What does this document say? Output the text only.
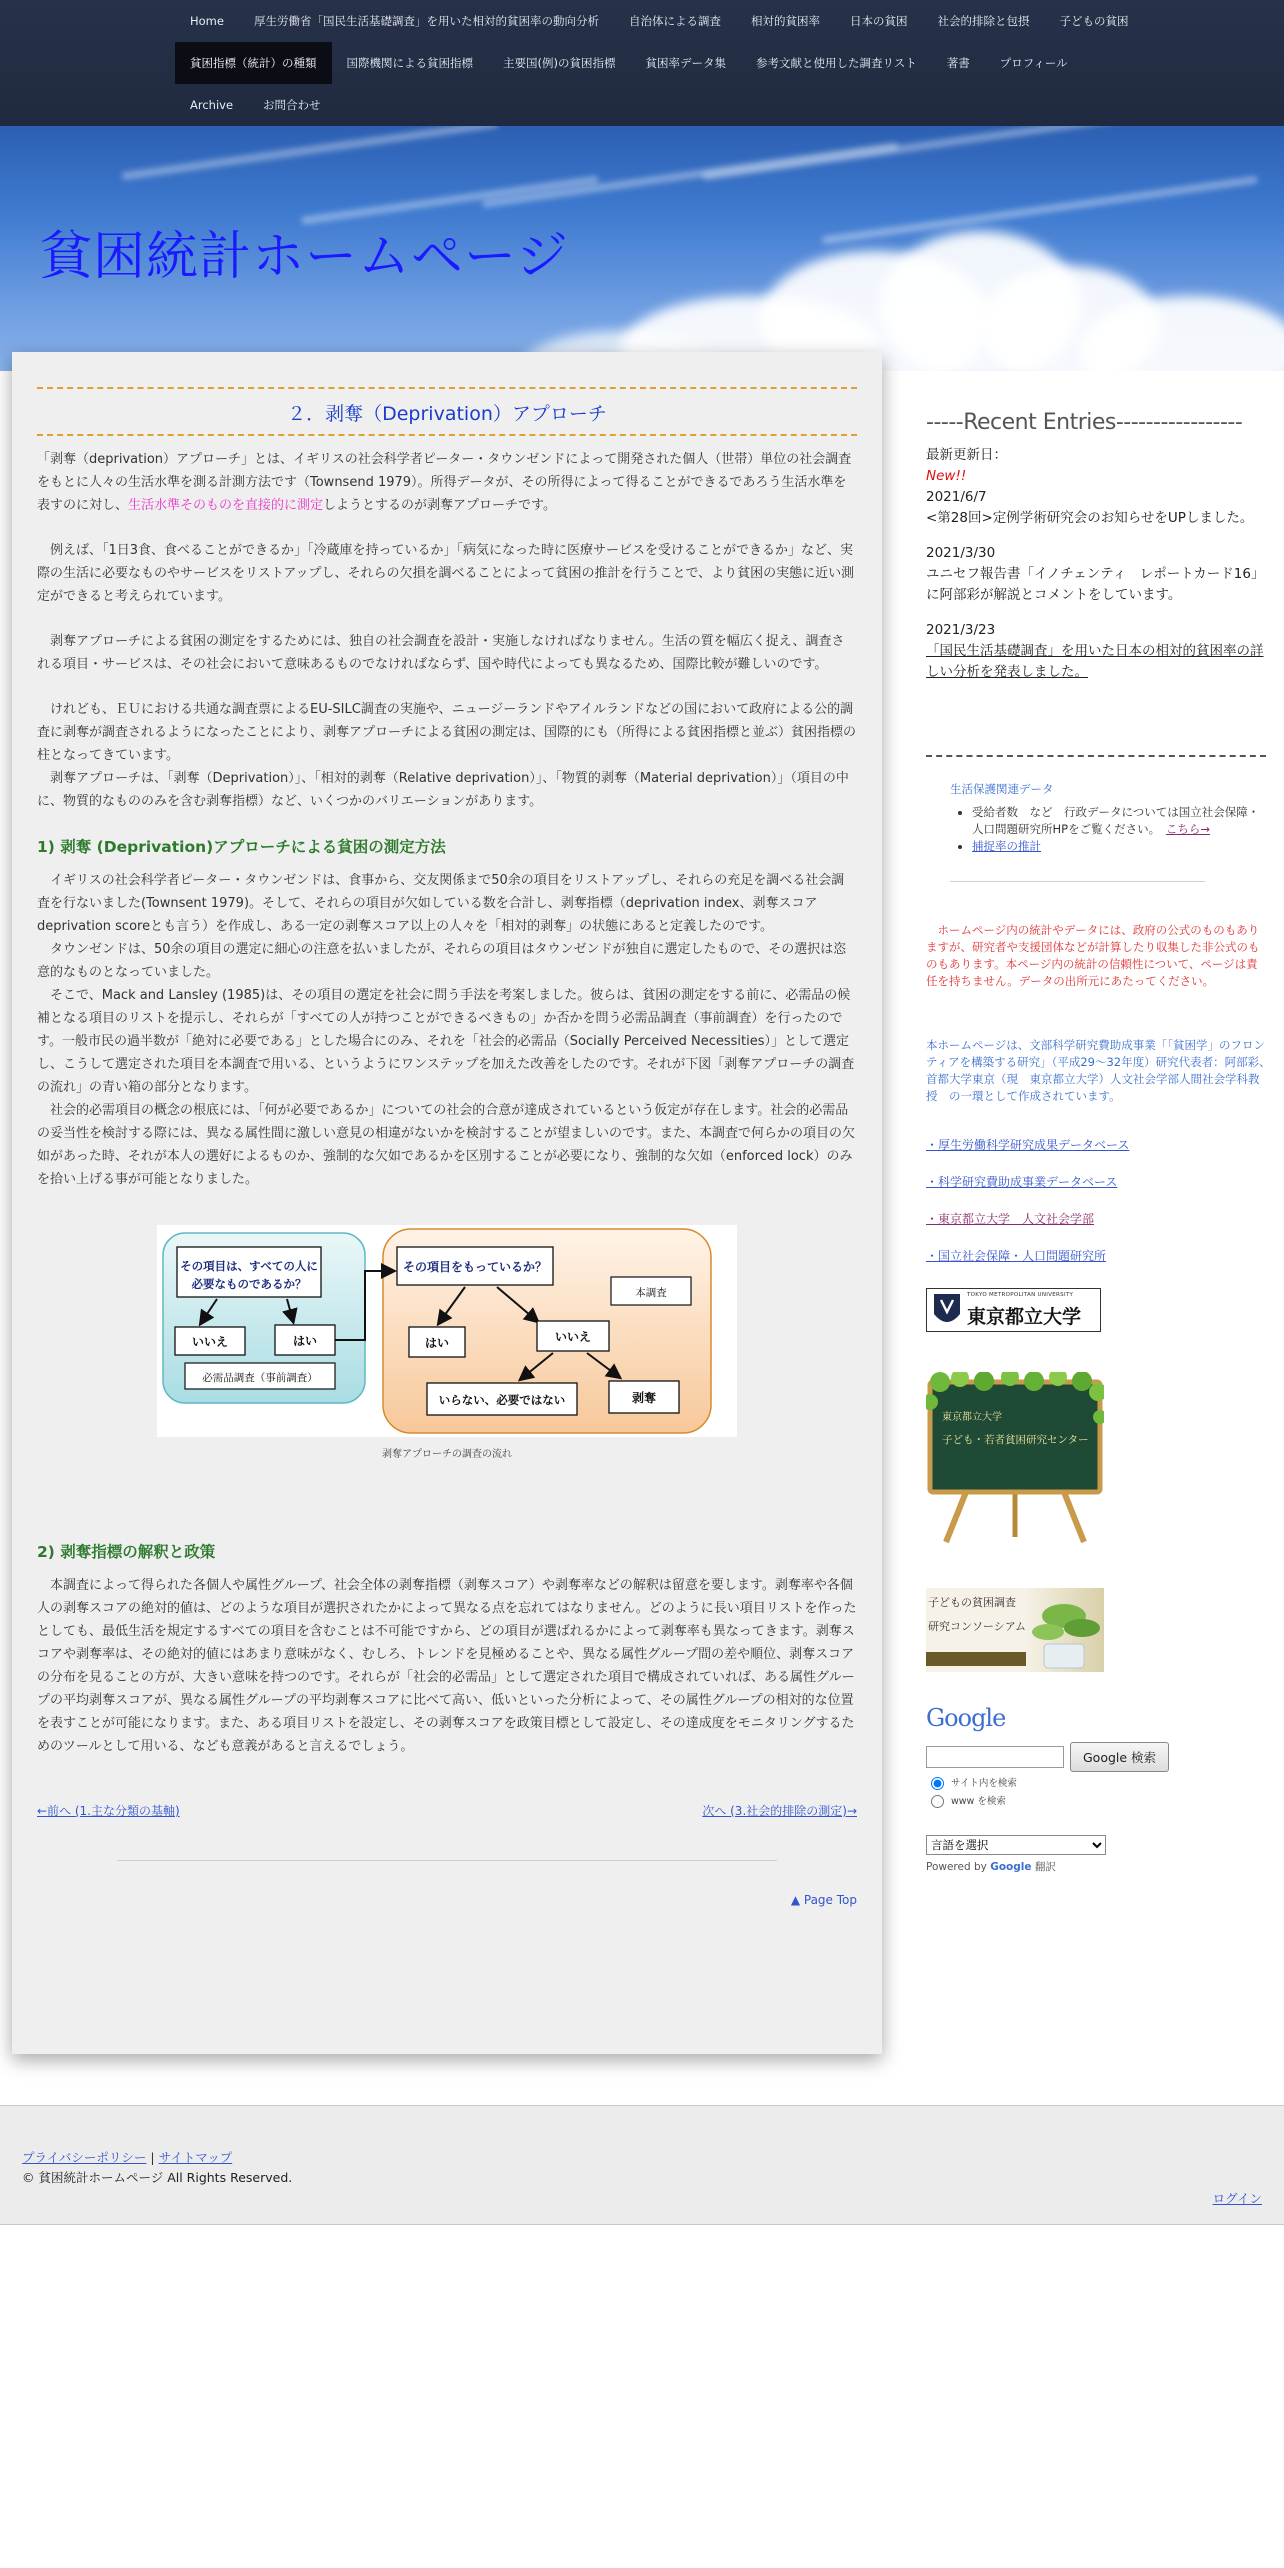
Home	厚生労働省「国民生活基礎調査」を用いた相対的貧困率の動向分析	自治体による調査	相対的貧困率	日本の貧困	社会的排除と包摂	子どもの貧困
貧困指標（統計）の種類	国際機関による貧困指標	主要国(例)の貧困指標	貧困率データ集	参考文献と使用した調査リスト	著書	プロフィール
Archive	お問合わせ
貧困統計ホームページ
２．剥奪（Deprivation）アプローチ

「剥奪（deprivation）アプローチ」とは、イギリスの社会科学者ピーター・タウンゼンドによって開発された個人（世帯）単位の社会調査をもとに人々の生活水準を測る計測方法です（Townsend 1979）。所得データが、その所得によって得ることができるであろう生活水準を表すのに対し、生活水準そのものを直接的に測定しようとするのが剥奪アプローチです。

　例えば、「1日3食、食べることができるか」「冷蔵庫を持っているか」「病気になった時に医療サービスを受けることができるか」など、実際の生活に必要なものやサービスをリストアップし、それらの欠損を調べることによって貧困の推計を行うことで、より貧困の実態に近い測定ができると考えられています。

　剥奪アプローチによる貧困の測定をするためには、独自の社会調査を設計・実施しなければなりません。生活の質を幅広く捉え、調査される項目・サービスは、その社会において意味あるものでなければならず、国や時代によっても異なるため、国際比較が難しいのです。

　けれども、ＥＵにおける共通な調査票によるEU-SILC調査の実施や、ニュージーランドやアイルランドなどの国において政府による公的調査に剥奪が調査されるようになったことにより、剥奪アプローチによる貧困の測定は、国際的にも（所得による貧困指標と並ぶ）貧困指標の柱となってきています。

　剥奪アプローチは、「剥奪（Deprivation）」、「相対的剥奪（Relative deprivation）」、「物質的剥奪（Material deprivation）」（項目の中に、物質的なもののみを含む剥奪指標）など、いくつかのバリエーションがあります。

1) 剥奪 (Deprivation)アプローチによる貧困の測定方法

　イギリスの社会科学者ピーター・タウンゼンドは、食事から、交友関係まで50余の項目をリストアップし、それらの充足を調べる社会調査を行ないました(Townsent 1979)。そして、それらの項目が欠如している数を合計し、剥奪指標（deprivation index、剥奪スコアdeprivation scoreとも言う）を作成し、ある一定の剥奪スコア以上の人々を「相対的剥奪」の状態にあると定義したのです。

　タウンゼンドは、50余の項目の選定に細心の注意を払いましたが、それらの項目はタウンゼンドが独自に選定したもので、その選択は恣意的なものとなっていました。

　そこで、Mack and Lansley (1985)は、その項目の選定を社会に問う手法を考案しました。彼らは、貧困の測定をする前に、必需品の候補となる項目のリストを提示し、それらが「すべての人が持つことができるべきもの」か否かを問う必需品調査（事前調査）を行ったのです。一般市民の過半数が「絶対に必要である」とした場合にのみ、それを「社会的必需品（Socially Perceived Necessities）」として選定し、こうして選定された項目を本調査で用いる、というようにワンステップを加えた改善をしたのです。それが下図「剥奪アプローチの調査の流れ」の青い箱の部分となります。

　社会的必需項目の概念の根底には、「何が必要であるか」についての社会的合意が達成されているという仮定が存在します。社会的必需品の妥当性を検討する際には、異なる属性間に激しい意見の相違がないかを検討することが望ましいのです。また、本調査で何らかの項目の欠如があった時、それが本人の選好によるものか、強制的な欠如であるかを区別することが必要になり、強制的な欠如（enforced lock）のみを拾い上げる事が可能となりました。

その項目は、すべての人に
必要なものであるか？
いいえ	はい
必需品調査（事前調査）
その項目をもっているか？
本調査
はい	いいえ
いらない、必要ではない	剥奪
剥奪アプローチの調査の流れ
2) 剥奪指標の解釈と政策

　本調査によって得られた各個人や属性グループ、社会全体の剥奪指標（剥奪スコア）や剥奪率などの解釈は留意を要します。剥奪率や各個人の剥奪スコアの絶対的値は、どのような項目が選択されたかによって異なる点を忘れてはなりません。どのように長い項目リストを作ったとしても、最低生活を規定するすべての項目を含むことは不可能ですから、どの項目が選ばれるかによって剥奪率も異なってきます。剥奪スコアや剥奪率は、その絶対的値にはあまり意味がなく、むしろ、トレンドを見極めることや、異なる属性グループ間の差や順位、剥奪スコアの分布を見ることの方が、大きい意味を持つのです。それらが「社会的必需品」として選定された項目で構成されていれば、ある属性グループの平均剥奪スコアが、異なる属性グループの平均剥奪スコアに比べて高い、低いといった分析によって、その属性グループの相対的な位置を表すことが可能になります。また、ある項目リストを設定し、その剥奪スコアを政策目標として設定し、その達成度をモニタリングするためのツールとして用いる、なども意義があると言えるでしょう。

←前へ (1.主な分類の基軸)	次へ (3.社会的排除の測定)→
▲ Page Top
-----Recent Entries-----------------

最新更新日：

New!!

2021/6/7

<第28回>定例学術研究会のお知らせをUPしました。

2021/3/30

ユニセフ報告書「イノチェンティ　レポートカード16」に阿部彩が解説とコメントをしています。

2021/3/23

「国民生活基礎調査」を用いた日本の相対的貧困率の詳しい分析を発表しました。

生活保護関連データ
• 受給者数　など　行政データについては国立社会保障・人口問題研究所HPをご覧ください。　 こちら→
• 捕捉率の推計

　ホームページ内の統計やデータには、政府の公式のものもありますが、研究者や支援団体などが計算したり収集した非公式のものもあります。本ページ内の統計の信頼性について、ページは責任を持ちません。データの出所元にあたってください。

本ホームページは、文部科学研究費助成事業「「貧困学」のフロンティアを構築する研究」（平成29～32年度）研究代表者：阿部彩、　首都大学東京（現　東京都立大学）人文社会学部人間社会学科教授　の一環として作成されています。

・厚生労働科学研究成果データベース
・科学研究費助成事業データベース
・東京都立大学　人文社会学部
・国立社会保障・人口問題研究所
TOKYO METROPOLITAN UNIVERSITY
東京都立大学
東京都立大学
子ども・若者貧困研究センター
子どもの貧困調査
研究コンソーシアム
Google
Google 検索
サイト内を検索
www を検索
言語を選択
Powered by Google 翻訳
プライバシーポリシー | サイトマップ
© 貧困統計ホームページ All Rights Reserved.
ログイン
